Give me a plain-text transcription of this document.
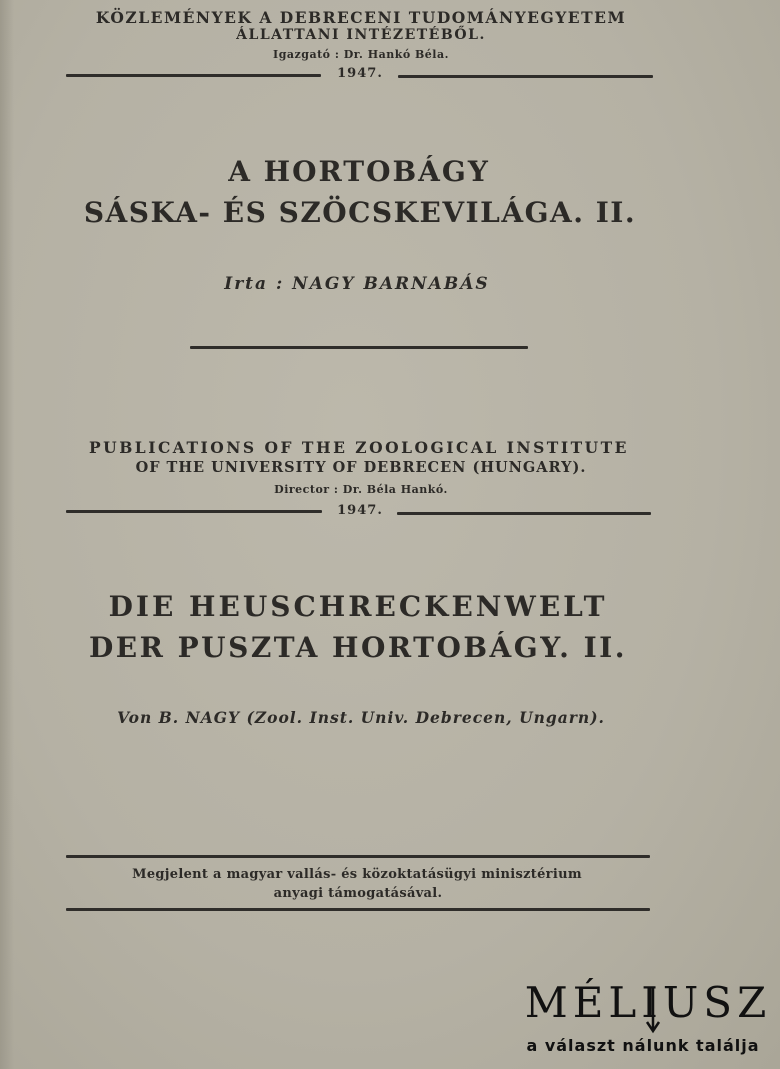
KÖZLEMÉNYEK A DEBRECENI TUDOMÁNYEGYETEM
ÁLLATTANI INTÉZETÉBŐL.
Igazgató : Dr. Hankó Béla.
1947.
A HORTOBÁGY
SÁSKA- ÉS SZÖCSKEVILÁGA. II.
Irta : NAGY BARNABÁS
PUBLICATIONS OF THE ZOOLOGICAL INSTITUTE
OF THE UNIVERSITY OF DEBRECEN (HUNGARY).
Director : Dr. Béla Hankó.
1947.
DIE HEUSCHRECKENWELT
DER PUSZTA HORTOBÁGY. II.
Von B. NAGY (Zool. Inst. Univ. Debrecen, Ungarn).
Megjelent a magyar vallás- és közoktatásügyi minisztérium
anyagi támogatásával.
MÉLIUSZ
a választ nálunk találja
